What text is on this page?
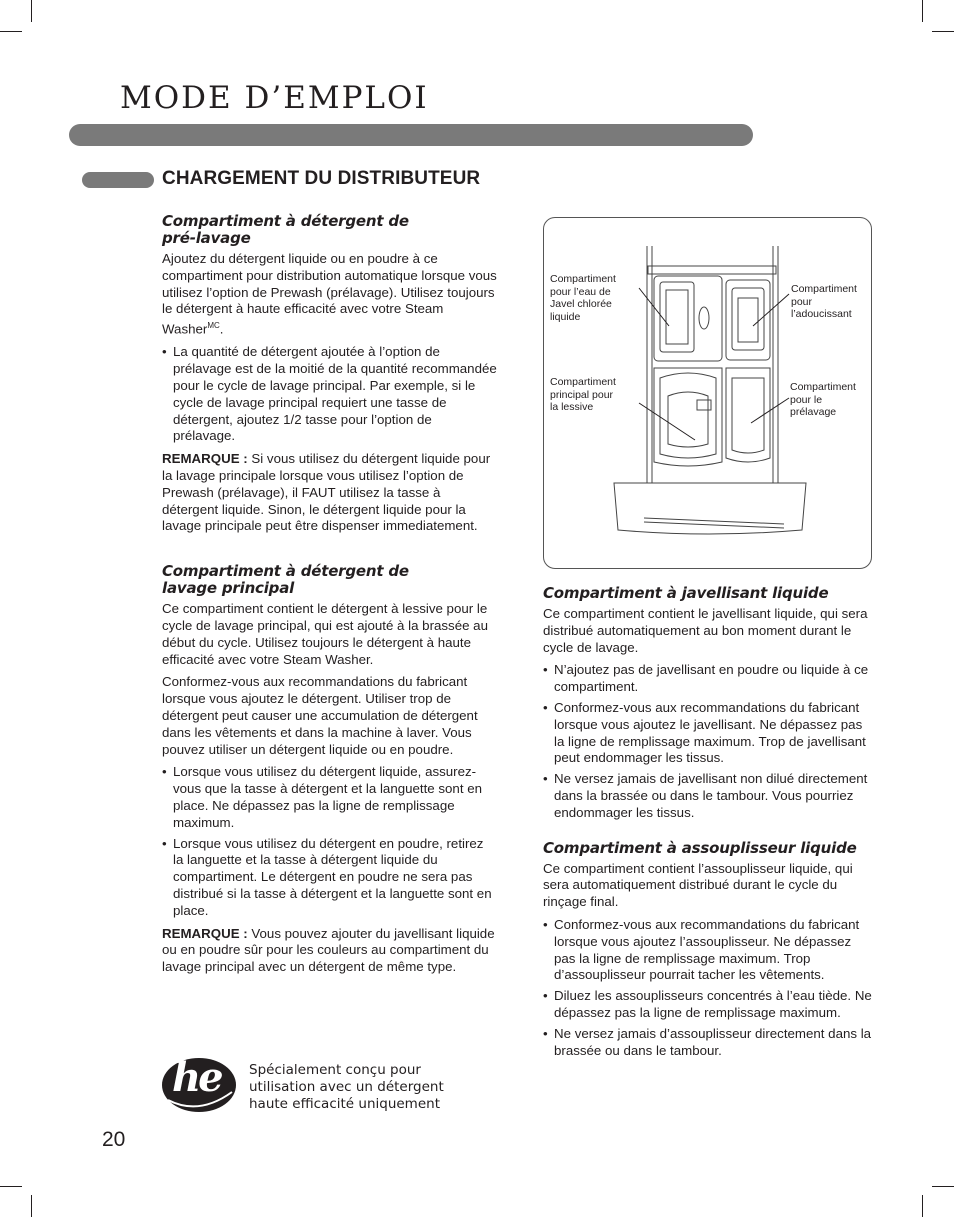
MODE D’EMPLOI
CHARGEMENT DU DISTRIBUTEUR
Compartiment à détergent de
pré-lavage

Ajoutez du détergent liquide ou en poudre à ce compartiment pour distribution automatique lorsque vous utilisez l’option de Prewash (prélavage). Utilisez toujours le détergent à haute efficacité avec votre Steam Washer$^{MC}$.

• La quantité de détergent ajoutée à l’option de prélavage est de la moitié de la quantité recommandée pour le cycle de lavage principal. Par exemple, si le cycle de lavage principal requiert une tasse de détergent, ajoutez 1/2 tasse pour l’option de prélavage.

REMARQUE : Si vous utilisez du détergent liquide pour la lavage principale lorsque vous utilisez l’option de Prewash (prélavage), il FAUT utilisez la tasse à détergent liquide. Sinon, le détergent liquide pour la lavage principale peut être dispenser immediatement.

Compartiment à détergent de
lavage principal

Ce compartiment contient le détergent à lessive pour le cycle de lavage principal, qui est ajouté à la brassée au début du cycle. Utilisez toujours le détergent à haute efficacité avec votre Steam Washer.

Conformez-vous aux recommandations du fabricant lorsque vous ajoutez le détergent. Utiliser trop de détergent peut causer une accumulation de détergent dans les vêtements et dans la machine à laver. Vous pouvez utiliser un détergent liquide ou en poudre.

• Lorsque vous utilisez du détergent liquide, assurez-vous que la tasse à détergent et la languette sont en place. Ne dépassez pas la ligne de remplissage maximum.
• Lorsque vous utilisez du détergent en poudre, retirez la languette et la tasse à détergent liquide du compartiment. Le détergent en poudre ne sera pas distribué si la tasse à détergent et la languette sont en place.

REMARQUE : Vous pouvez ajouter du javellisant liquide ou en poudre sûr pour les couleurs au compartiment du lavage principal avec un détergent de même type.

Compartiment
pour l’eau de
Javel chlorée
liquide
Compartiment
pour
l’adoucissant
Compartiment
principal pour
la lessive
Compartiment
pour le
prélavage
Compartiment à javellisant liquide

Ce compartiment contient le javellisant liquide, qui sera distribué automatiquement au bon moment durant le cycle de lavage.

• N’ajoutez pas de javellisant en poudre ou liquide à ce compartiment.
• Conformez-vous aux recommandations du fabricant lorsque vous ajoutez le javellisant. Ne dépassez pas la ligne de remplissage maximum. Trop de javellisant peut endommager les tissus.
• Ne versez jamais de javellisant non dilué directement dans la brassée ou dans le tambour. Vous pourriez endommager les tissus.
Compartiment à assouplisseur liquide

Ce compartiment contient l’assouplisseur liquide, qui sera automatiquement distribué durant le cycle du rinçage final.

• Conformez-vous aux recommandations du fabricant lorsque vous ajoutez l’assouplisseur. Ne dépassez pas la ligne de remplissage maximum. Trop d’assouplisseur pourrait tacher les vêtements.
• Diluez les assouplisseurs concentrés à l’eau tiède. Ne dépassez pas la ligne de remplissage maximum.
• Ne versez jamais d’assouplisseur directement dans la brassée ou dans le tambour.
he Spécialement conçu pour
utilisation avec un détergent
haute efficacité uniquement
20
